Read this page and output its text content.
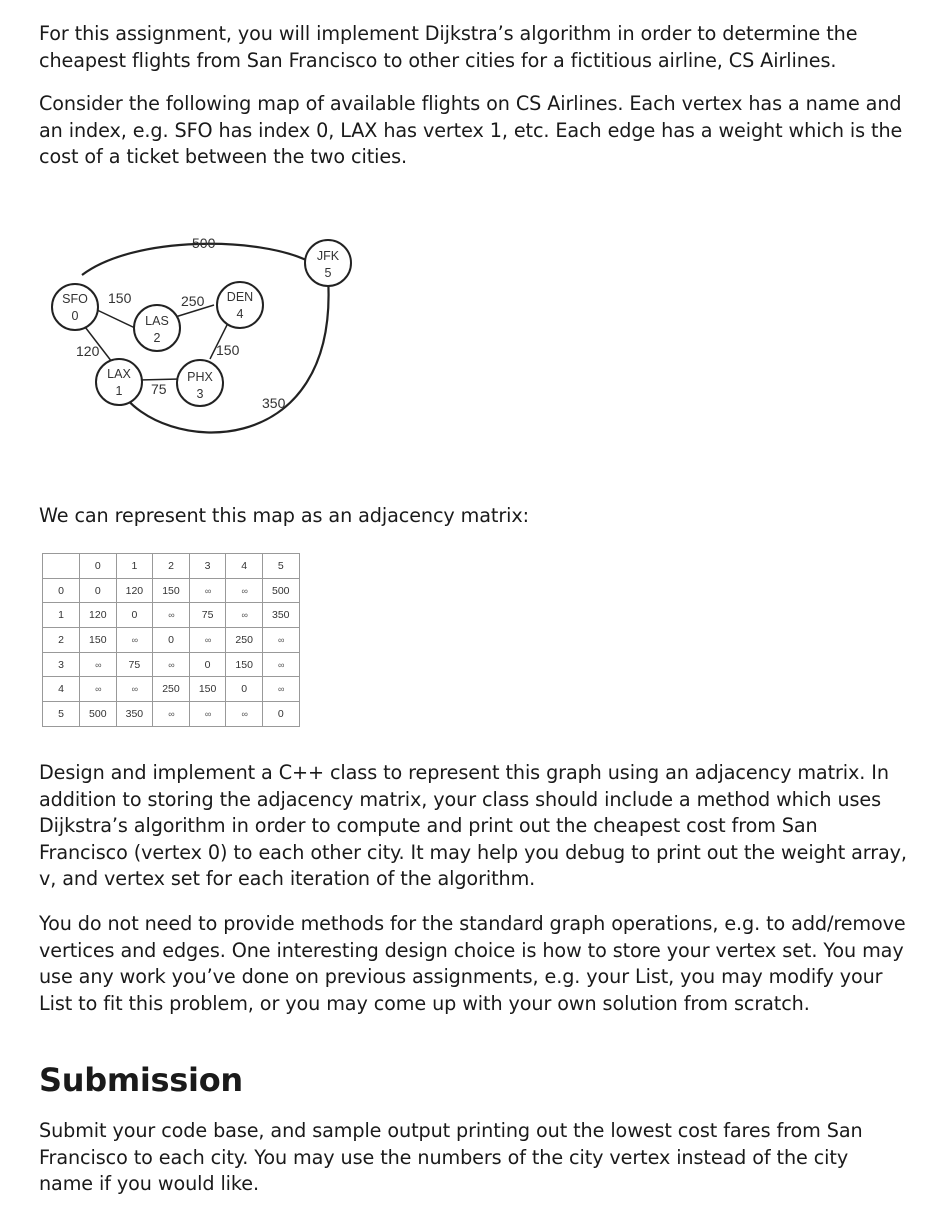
For this assignment, you will implement Dijkstra’s algorithm in order to determine the cheapest flights from San Francisco to other cities for a fictitious airline, CS Airlines.

Consider the following map of available flights on CS Airlines. Each vertex has a name and an index, e.g. SFO has index 0, LAX has vertex 1, etc. Each edge has a weight which is the cost of a ticket between the two cities.

500
150
120
250
150
75
350
SFO
0
LAX
1
LAS
2
PHX
3
DEN
4
JFK
5

We can represent this map as an adjacency matrix:

	0	1	2	3	4	5
0	0	120	150	∞	∞	500
1	120	0	∞	75	∞	350
2	150	∞	0	∞	250	∞
3	∞	75	∞	0	150	∞
4	∞	∞	250	150	0	∞
5	500	350	∞	∞	∞	0

Design and implement a C++ class to represent this graph using an adjacency matrix. In addition to storing the adjacency matrix, your class should include a method which uses Dijkstra’s algorithm in order to compute and print out the cheapest cost from San Francisco (vertex 0) to each other city. It may help you debug to print out the weight array, v, and vertex set for each iteration of the algorithm.

You do not need to provide methods for the standard graph operations, e.g. to add/remove vertices and edges. One interesting design choice is how to store your vertex set. You may use any work you’ve done on previous assignments, e.g. your List, you may modify your List to fit this problem, or you may come up with your own solution from scratch.

Submission

Submit your code base, and sample output printing out the lowest cost fares from San Francisco to each city. You may use the numbers of the city vertex instead of the city name if you would like.
